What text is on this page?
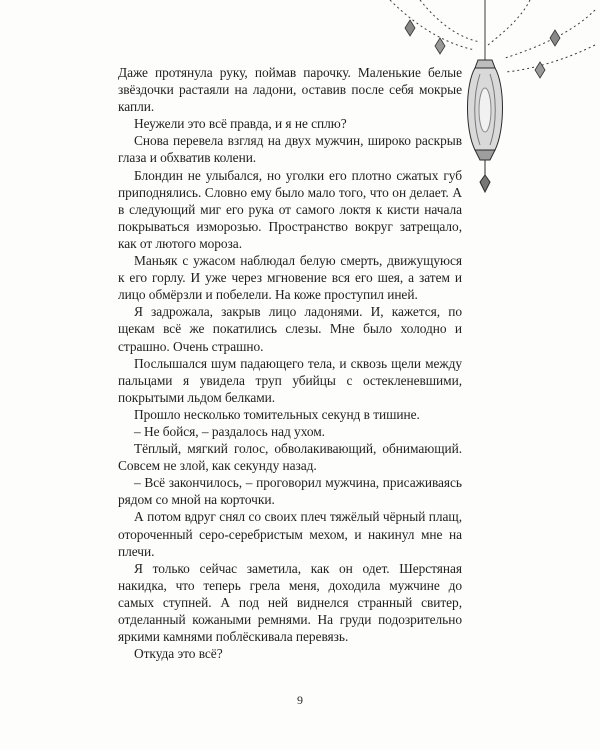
Даже протянула руку, поймав парочку. Маленькие белые звёздочки растаяли на ладони, оставив после себя мокрые капли.

Неужели это всё правда, и я не сплю?

Снова перевела взгляд на двух мужчин, широко раскрыв глаза и обхватив колени.

Блондин не улыбался, но уголки его плотно сжатых губ приподнялись. Словно ему было мало того, что он делает. А в следующий миг его рука от самого локтя к кисти начала покрываться изморозью. Пространство вокруг затрещало, как от лютого мороза.

Маньяк с ужасом наблюдал белую смерть, движущуюся к его горлу. И уже через мгновение вся его шея, а затем и лицо обмёрзли и побелели. На коже проступил иней.

Я задрожала, закрыв лицо ладонями. И, кажется, по щекам всё же покатились слезы. Мне было холодно и страшно. Очень страшно.

Послышался шум падающего тела, и сквозь щели между пальцами я увидела труп убийцы с остекленевшими, покрытыми льдом белками.

Прошло несколько томительных секунд в тишине.

– Не бойся, – раздалось над ухом.

Тёплый, мягкий голос, обволакивающий, обнимающий. Совсем не злой, как секунду назад.

– Всё закончилось, – проговорил мужчина, присаживаясь рядом со мной на корточки.

А потом вдруг снял со своих плеч тяжёлый чёрный плащ, отороченный серо-серебристым мехом, и накинул мне на плечи.

Я только сейчас заметила, как он одет. Шерстяная накидка, что теперь грела меня, доходила мужчине до самых ступней. А под ней виднелся странный свитер, отделанный кожаными ремнями. На груди подозрительно яркими камнями поблёскивала перевязь.

Откуда это всё?

9
